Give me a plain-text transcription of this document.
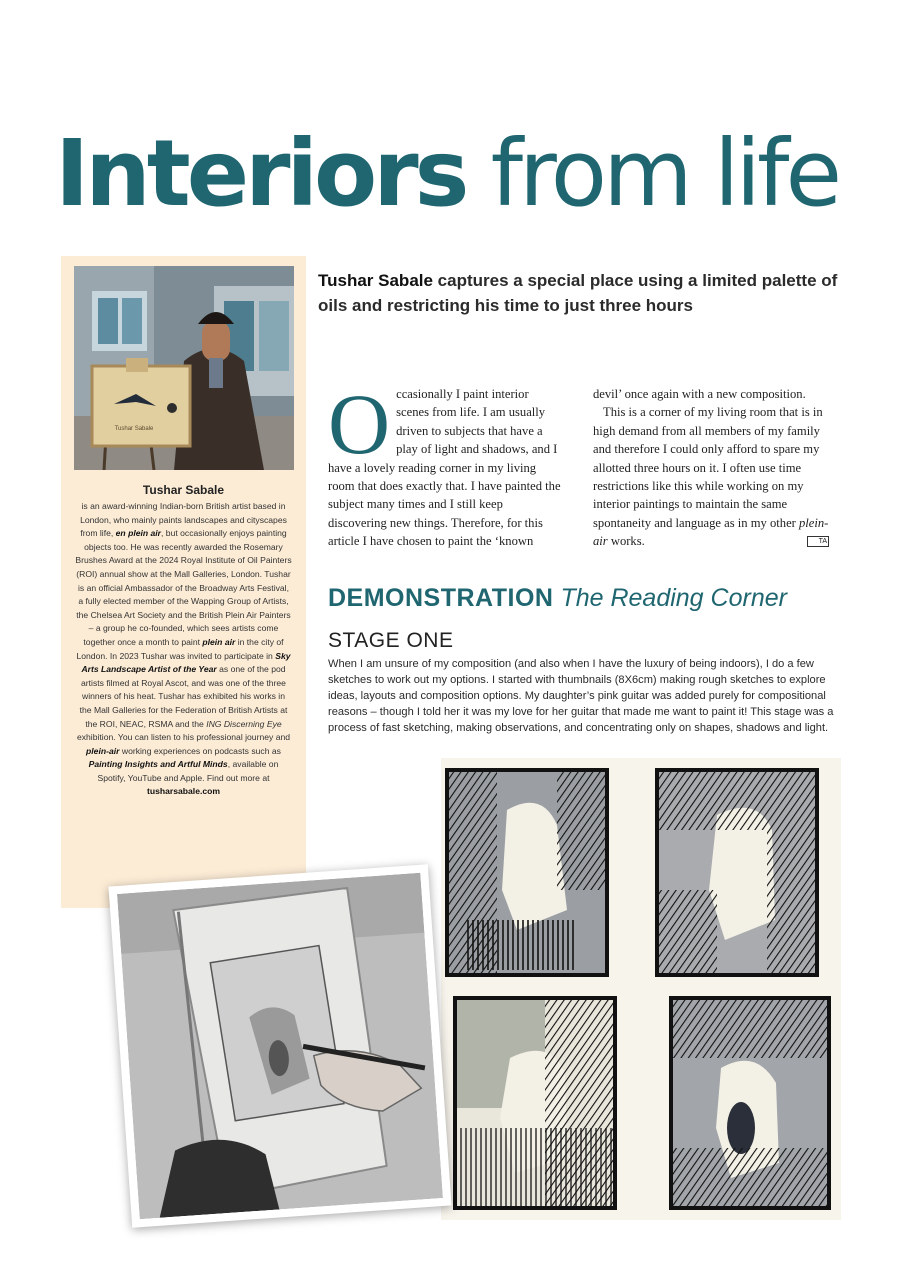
Interiors from life
Tushar Sabale captures a special place using a limited palette of oils and restricting his time to just three hours
Tushar Sabale
Tushar Sabale
is an award-winning Indian-born British artist based in London, who mainly paints landscapes and cityscapes from life, en plein air, but occasionally enjoys painting objects too. He was recently awarded the Rosemary Brushes Award at the 2024 Royal Institute of Oil Painters (ROI) annual show at the Mall Galleries, London. Tushar is an official Ambassador of the Broadway Arts Festival, a fully elected member of the Wapping Group of Artists, the Chelsea Art Society and the British Plein Air Painters – a group he co-founded, which sees artists come together once a month to paint plein air in the city of London. In 2023 Tushar was invited to participate in Sky Arts Landscape Artist of the Year as one of the pod artists filmed at Royal Ascot, and was one of the three winners of his heat. Tushar has exhibited his works in the Mall Galleries for the Federation of British Artists at the ROI, NEAC, RSMA and the ING Discerning Eye exhibition. You can listen to his professional journey and plein-air working experiences on podcasts such as Painting Insights and Artful Minds, available on Spotify, YouTube and Apple. Find out more at tusharsabale.com
Occasionally I paint interior scenes from life. I am usually driven to subjects that have a play of light and shadows, and I have a lovely reading corner in my living room that does exactly that. I have painted the subject many times and I still keep discovering new things. Therefore, for this article I have chosen to paint the ‘known
devil’ once again with a new composition.
This is a corner of my living room that is in high demand from all members of my family and therefore I could only afford to spare my allotted three hours on it. I often use time restrictions like this while working on my interior paintings to maintain the same spontaneity and language as in my other plein-air works.	TA
DEMONSTRATION The Reading Corner
STAGE ONE
When I am unsure of my composition (and also when I have the luxury of being indoors), I do a few sketches to work out my options. I started with thumbnails (8X6cm) making rough sketches to explore ideas, layouts and composition options. My daughter’s pink guitar was added purely for compositional reasons – though I told her it was my love for her guitar that made me want to paint it! This stage was a process of fast sketching, making observations, and concentrating only on shapes, shadows and light.
